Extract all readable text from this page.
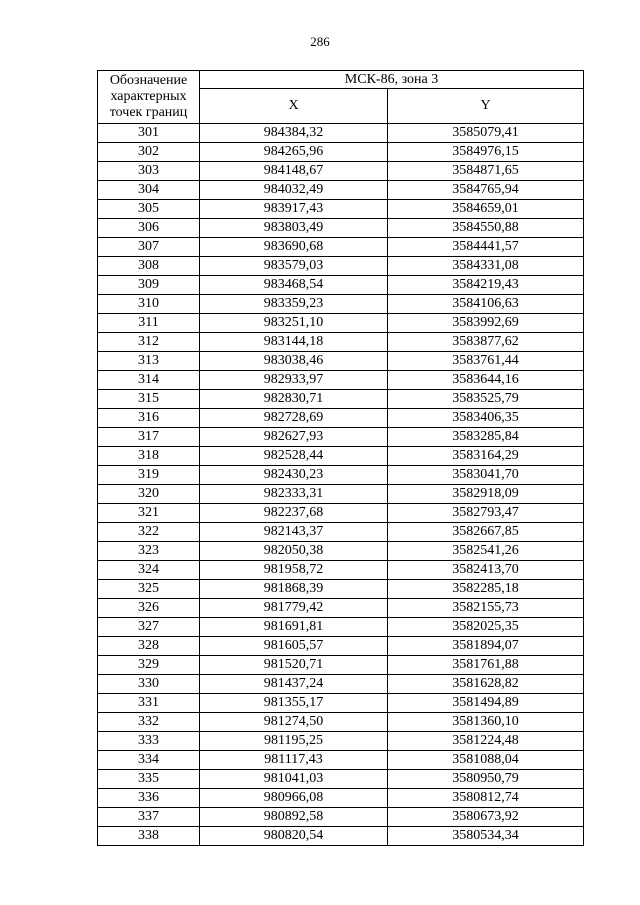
286
Обозначение
характерных
точек границ	МСК-86, зона 3	
	X	Y
301	984384,32	3585079,41
302	984265,96	3584976,15
303	984148,67	3584871,65
304	984032,49	3584765,94
305	983917,43	3584659,01
306	983803,49	3584550,88
307	983690,68	3584441,57
308	983579,03	3584331,08
309	983468,54	3584219,43
310	983359,23	3584106,63
311	983251,10	3583992,69
312	983144,18	3583877,62
313	983038,46	3583761,44
314	982933,97	3583644,16
315	982830,71	3583525,79
316	982728,69	3583406,35
317	982627,93	3583285,84
318	982528,44	3583164,29
319	982430,23	3583041,70
320	982333,31	3582918,09
321	982237,68	3582793,47
322	982143,37	3582667,85
323	982050,38	3582541,26
324	981958,72	3582413,70
325	981868,39	3582285,18
326	981779,42	3582155,73
327	981691,81	3582025,35
328	981605,57	3581894,07
329	981520,71	3581761,88
330	981437,24	3581628,82
331	981355,17	3581494,89
332	981274,50	3581360,10
333	981195,25	3581224,48
334	981117,43	3581088,04
335	981041,03	3580950,79
336	980966,08	3580812,74
337	980892,58	3580673,92
338	980820,54	3580534,34
